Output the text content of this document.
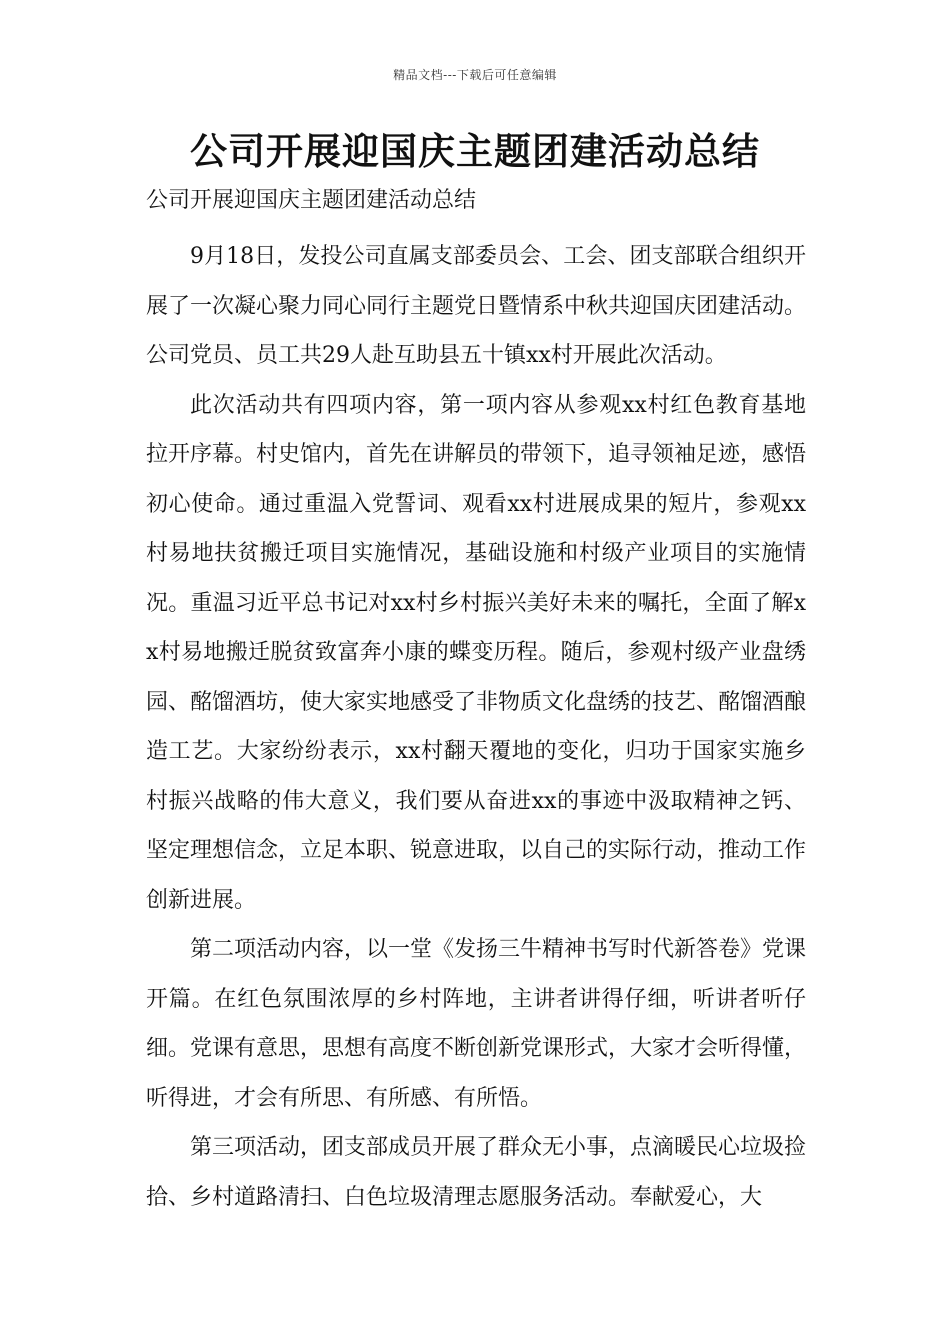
精品文档---下载后可任意编辑
公司开展迎国庆主题团建活动总结

公司开展迎国庆主题团建活动总结

9月18日，发投公司直属支部委员会、工会、团支部联合组织开展了一次凝心聚力同心同行主题党日暨情系中秋共迎国庆团建活动。公司党员、员工共29人赴互助县五十镇xx村开展此次活动。

此次活动共有四项内容，第一项内容从参观xx村红色教育基地拉开序幕。村史馆内，首先在讲解员的带领下，追寻领袖足迹，感悟初心使命。通过重温入党誓词、观看xx村进展成果的短片，参观xx村易地扶贫搬迁项目实施情况，基础设施和村级产业项目的实施情况。重温习近平总书记对xx村乡村振兴美好未来的嘱托，全面了解xx村易地搬迁脱贫致富奔小康的蝶变历程。随后，参观村级产业盘绣园、酩馏酒坊，使大家实地感受了非物质文化盘绣的技艺、酩馏酒酿造工艺。大家纷纷表示，xx村翻天覆地的变化，归功于国家实施乡村振兴战略的伟大意义，我们要从奋进xx的事迹中汲取精神之钙、坚定理想信念，立足本职、锐意进取，以自己的实际行动，推动工作创新进展。

第二项活动内容，以一堂《发扬三牛精神书写时代新答卷》党课开篇。在红色氛围浓厚的乡村阵地，主讲者讲得仔细，听讲者听仔细。党课有意思，思想有高度不断创新党课形式，大家才会听得懂，听得进，才会有所思、有所感、有所悟。

第三项活动，团支部成员开展了群众无小事，点滴暖民心垃圾捡拾、乡村道路清扫、白色垃圾清理志愿服务活动。奉献爱心，大
